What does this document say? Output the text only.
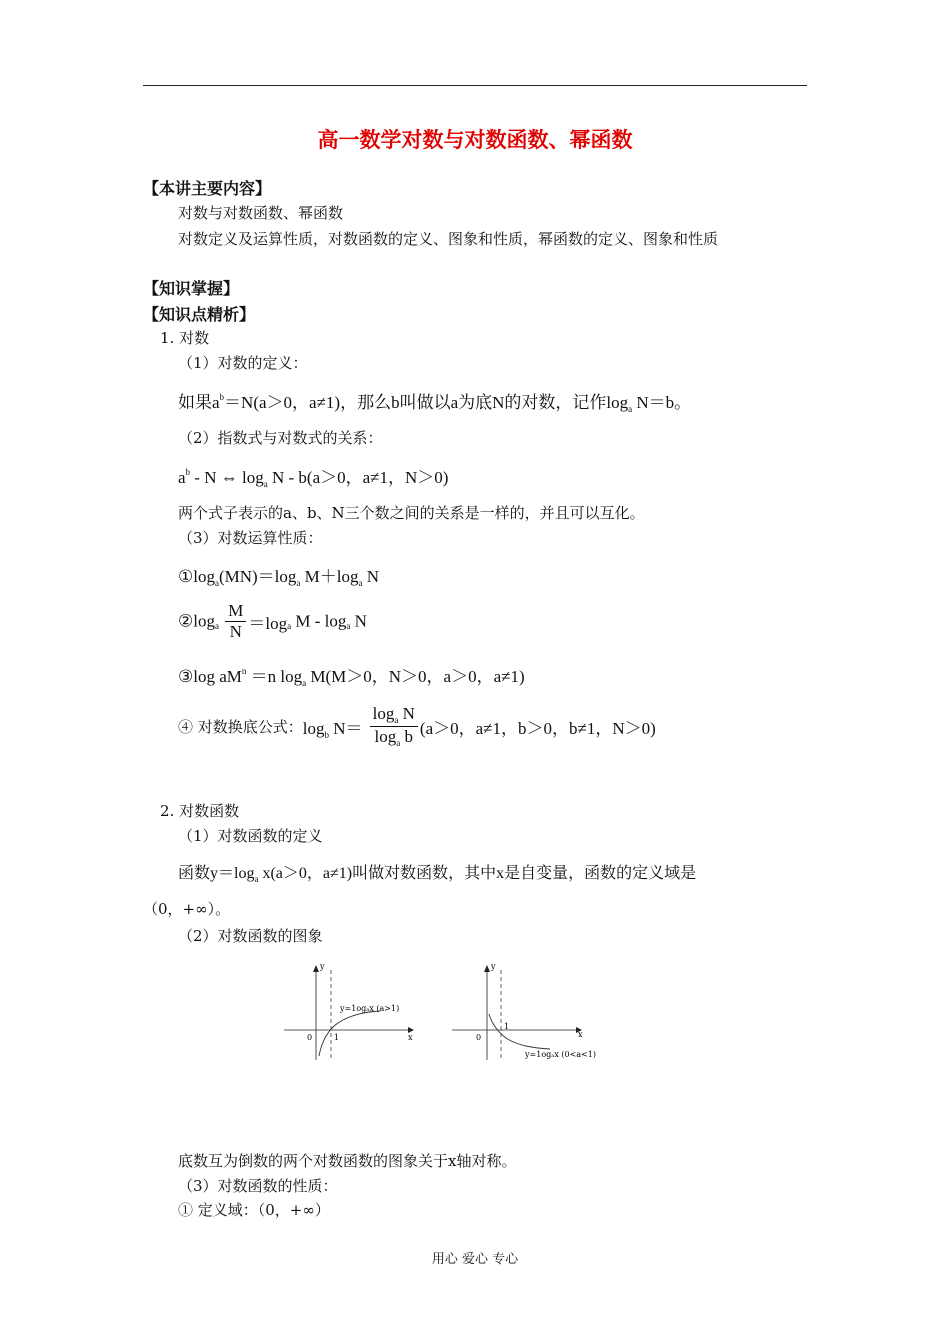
高一数学对数与对数函数、幂函数
【本讲主要内容】
对数与对数函数、幂函数
对数定义及运算性质，对数函数的定义、图象和性质，幂函数的定义、图象和性质
【知识掌握】
【知识点精析】
1. 对数
（1）对数的定义：
如果$a^b=N(a>0$，a≠1)，那么b叫做以a为底N的对数，记作$\log_a N=b$。
（2）指数式与对数式的关系：
$a^b$ - N ⇔ $\log_a N - b(a>0$，a≠1，N＞0)
两个式子表示的a、b、N三个数之间的关系是一样的，并且可以互化。
（3）对数运算性质：
$①\log_a(MN)=\log_a$ $M+\log_a$ N
$②\log_a \frac{M}{N} =\log_a$ M - $\log_a N$
③log $aM^n =n$ $\log_a M(M>0$，N＞0，a＞0，a≠1)
④ 对数换底公式：$\log_b N= \frac{\log_a N}{\log_a b} (a>0$，a≠1，b＞0，b≠1，N＞0)
2. 对数函数
（1）对数函数的定义
函数$y=\log_a$ x(a＞0，a≠1)叫做对数函数，其中x是自变量，函数的定义域是
（0，+∞）。
（2）对数函数的图象
y
x
0	1
y=1ogₐx (a>1)
y
x
0
1
y=1ogₐx (0<a<1)
底数互为倒数的两个对数函数的图象关于x轴对称。
（3）对数函数的性质：
① 定义域：（0，+∞）
用心 爱心 专心
